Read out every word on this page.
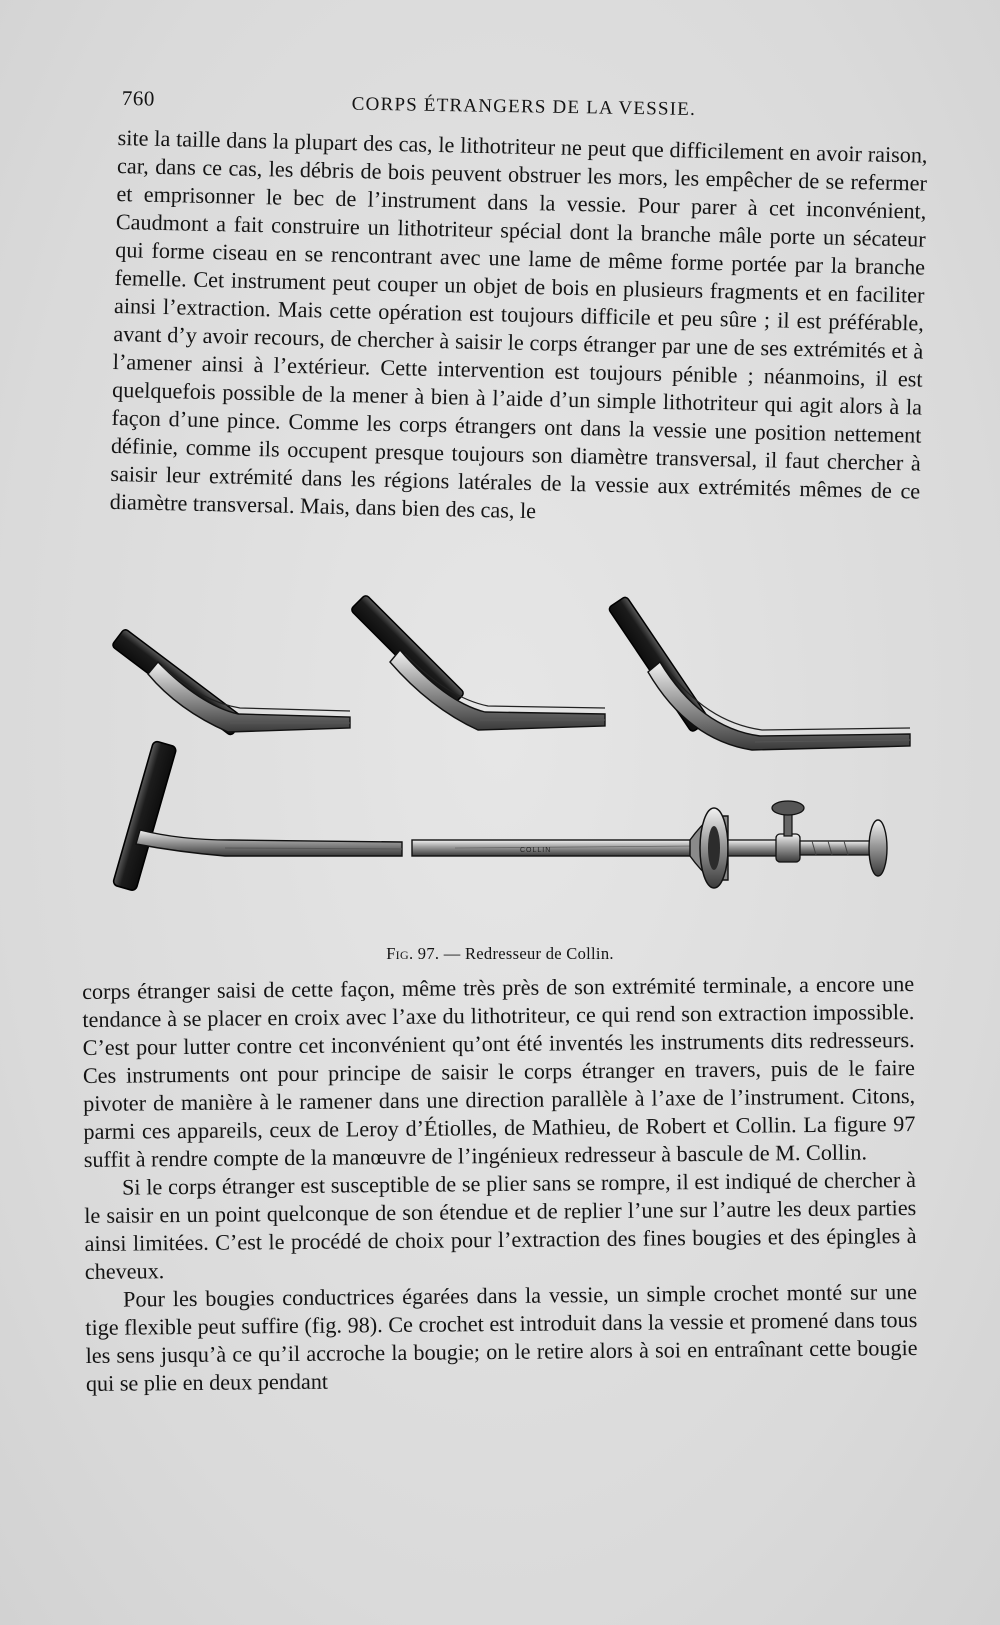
760	CORPS ÉTRANGERS DE LA VESSIE.

site la taille dans la plupart des cas, le lithotriteur ne peut que difficilement en avoir raison, car, dans ce cas, les débris de bois peuvent obstruer les mors, les empêcher de se refermer et emprisonner le bec de l’instrument dans la vessie. Pour parer à cet inconvénient, Caudmont a fait construire un lithotriteur spécial dont la branche mâle porte un sécateur qui forme ciseau en se rencontrant avec une lame de même forme portée par la branche femelle. Cet instrument peut couper un objet de bois en plusieurs fragments et en faciliter ainsi l’extraction. Mais cette opération est toujours difficile et peu sûre ; il est préférable, avant d’y avoir recours, de chercher à saisir le corps étranger par une de ses extrémités et à l’amener ainsi à l’extérieur. Cette intervention est toujours pénible ; néanmoins, il est quelquefois possible de la mener à bien à l’aide d’un simple lithotriteur qui agit alors à la façon d’une pince. Comme les corps étrangers ont dans la vessie une position nettement définie, comme ils occupent presque toujours son diamètre transversal, il faut chercher à saisir leur extrémité dans les régions latérales de la vessie aux extrémités mêmes de ce diamètre transversal. Mais, dans bien des cas, le

COLLIN
Fig. 97. — Redresseur de Collin.

corps étranger saisi de cette façon, même très près de son extrémité terminale, a encore une tendance à se placer en croix avec l’axe du lithotriteur, ce qui rend son extraction impossible. C’est pour lutter contre cet inconvénient qu’ont été inventés les instruments dits redresseurs. Ces instruments ont pour principe de saisir le corps étranger en travers, puis de le faire pivoter de manière à le ramener dans une direction parallèle à l’axe de l’instrument. Citons, parmi ces appareils, ceux de Leroy d’Étiolles, de Mathieu, de Robert et Collin. La figure 97 suffit à rendre compte de la manœuvre de l’ingénieux redresseur à bascule de M. Collin.

Si le corps étranger est susceptible de se plier sans se rompre, il est indiqué de chercher à le saisir en un point quelconque de son étendue et de replier l’une sur l’autre les deux parties ainsi limitées. C’est le procédé de choix pour l’extraction des fines bougies et des épingles à cheveux.

Pour les bougies conductrices égarées dans la vessie, un simple crochet monté sur une tige flexible peut suffire (fig. 98). Ce crochet est introduit dans la vessie et promené dans tous les sens jusqu’à ce qu’il accroche la bougie; on le retire alors à soi en entraînant cette bougie qui se plie en deux pendant
